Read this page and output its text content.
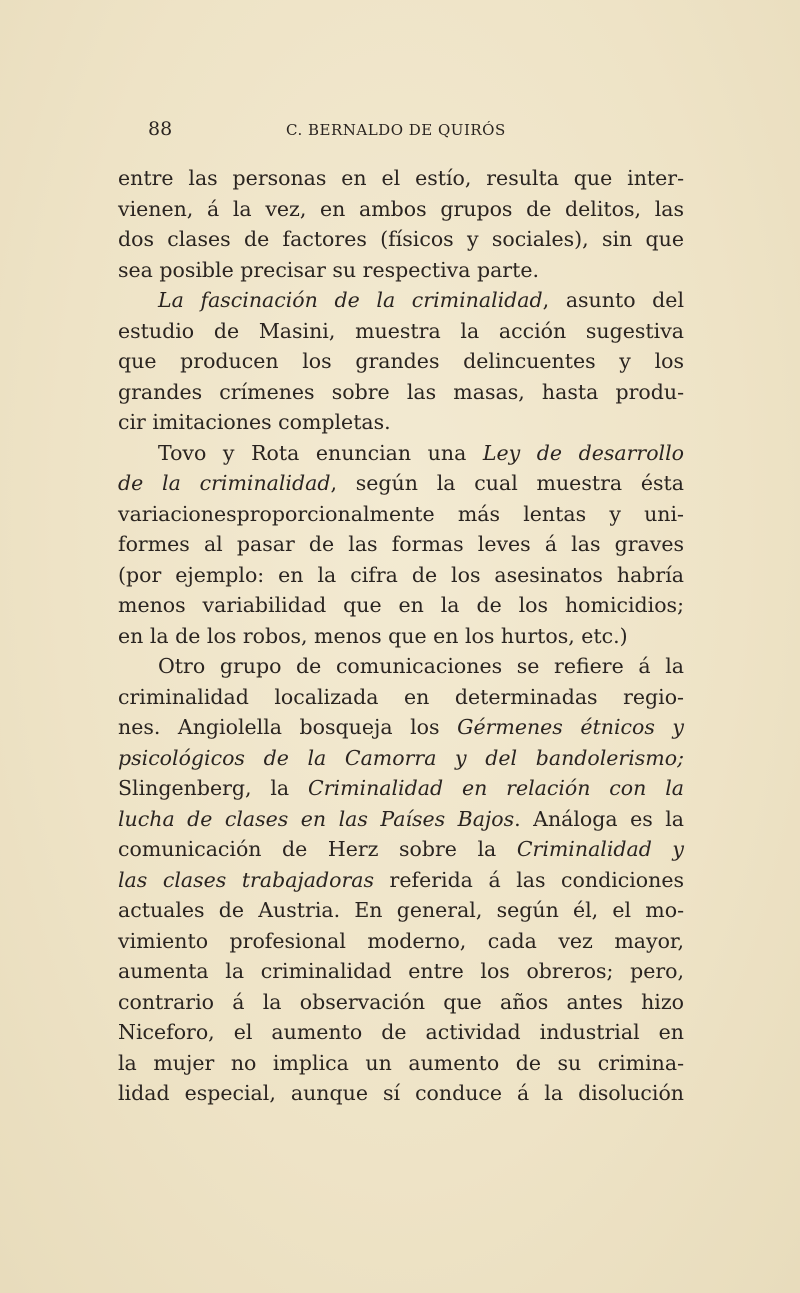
88	C. BERNALDO DE QUIRÓS
entre las personas en el estío, resulta que inter-
vienen, á la vez, en ambos grupos de delitos, las
dos clases de factores (físicos y sociales), sin que
sea posible precisar su respectiva parte.
La fascinación de la criminalidad, asunto del
estudio de Masini, muestra la acción sugestiva
que producen los grandes delincuentes y los
grandes crímenes sobre las masas, hasta produ-
cir imitaciones completas.
Tovo y Rota enuncian una Ley de desarrollo
de la criminalidad, según la cual muestra ésta
variacionesproporcionalmente más lentas y uni-
formes al pasar de las formas leves á las graves
(por ejemplo: en la cifra de los asesinatos habría
menos variabilidad que en la de los homicidios;
en la de los robos, menos que en los hurtos, etc.)
Otro grupo de comunicaciones se refiere á la
criminalidad localizada en determinadas regio-
nes. Angiolella bosqueja los Gérmenes étnicos y
psicológicos de la Camorra y del bandolerismo;
Slingenberg, la Criminalidad en relación con la
lucha de clases en las Países Bajos. Análoga es la
comunicación de Herz sobre la Criminalidad y
las clases trabajadoras referida á las condiciones
actuales de Austria. En general, según él, el mo-
vimiento profesional moderno, cada vez mayor,
aumenta la criminalidad entre los obreros; pero,
contrario á la observación que años antes hizo
Niceforo, el aumento de actividad industrial en
la mujer no implica un aumento de su crimina-
lidad especial, aunque sí conduce á la disolución
